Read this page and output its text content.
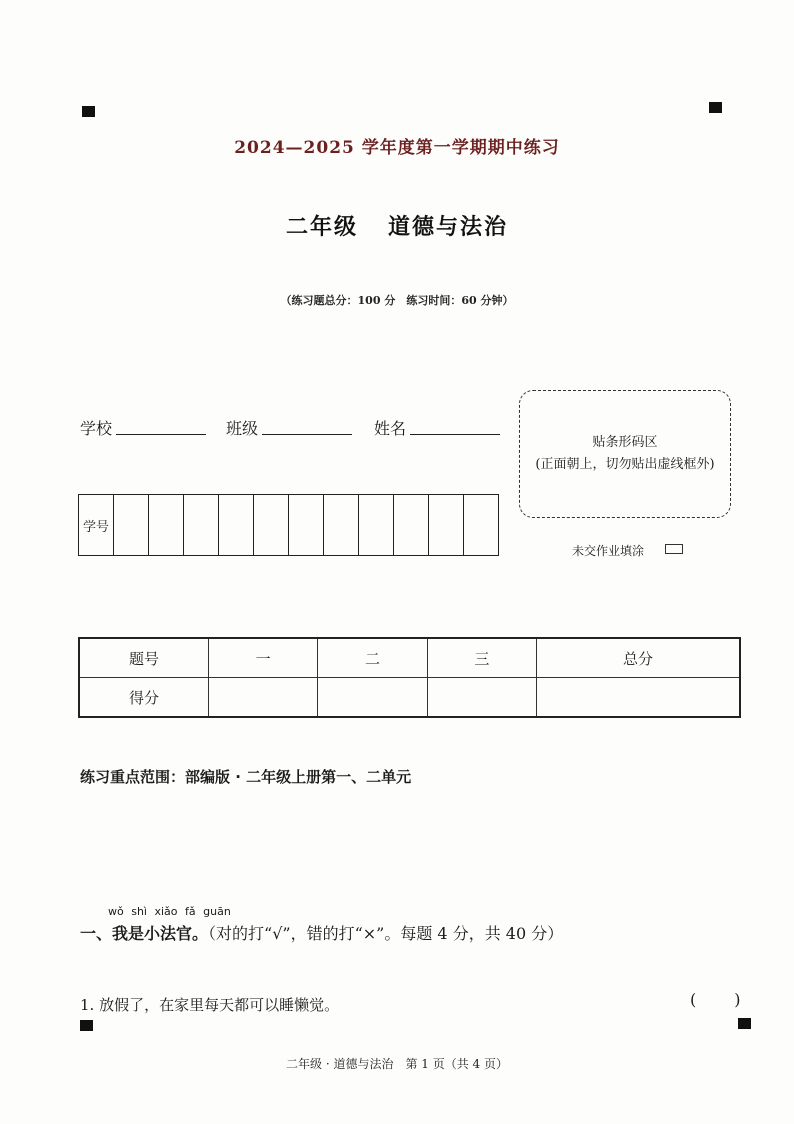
2024—2025 学年度第一学期期中练习
二年级 道德与法治
（练习题总分：100 分　练习时间：60 分钟）
学校	班级	姓名
学号											
贴条形码区
(正面朝上，切勿贴出虚线框外)
未交作业填涂
题号	一	二	三	总分
得分				
练习重点范围：部编版 · 二年级上册第一、二单元
wǒ shì xiǎo fǎ guān
一、我是小法官。（对的打“√”，错的打“×”。每题 4 分，共 40 分）
1. 放假了，在家里每天都可以睡懒觉。	( )
二年级 · 道德与法治　第 1 页（共 4 页）
